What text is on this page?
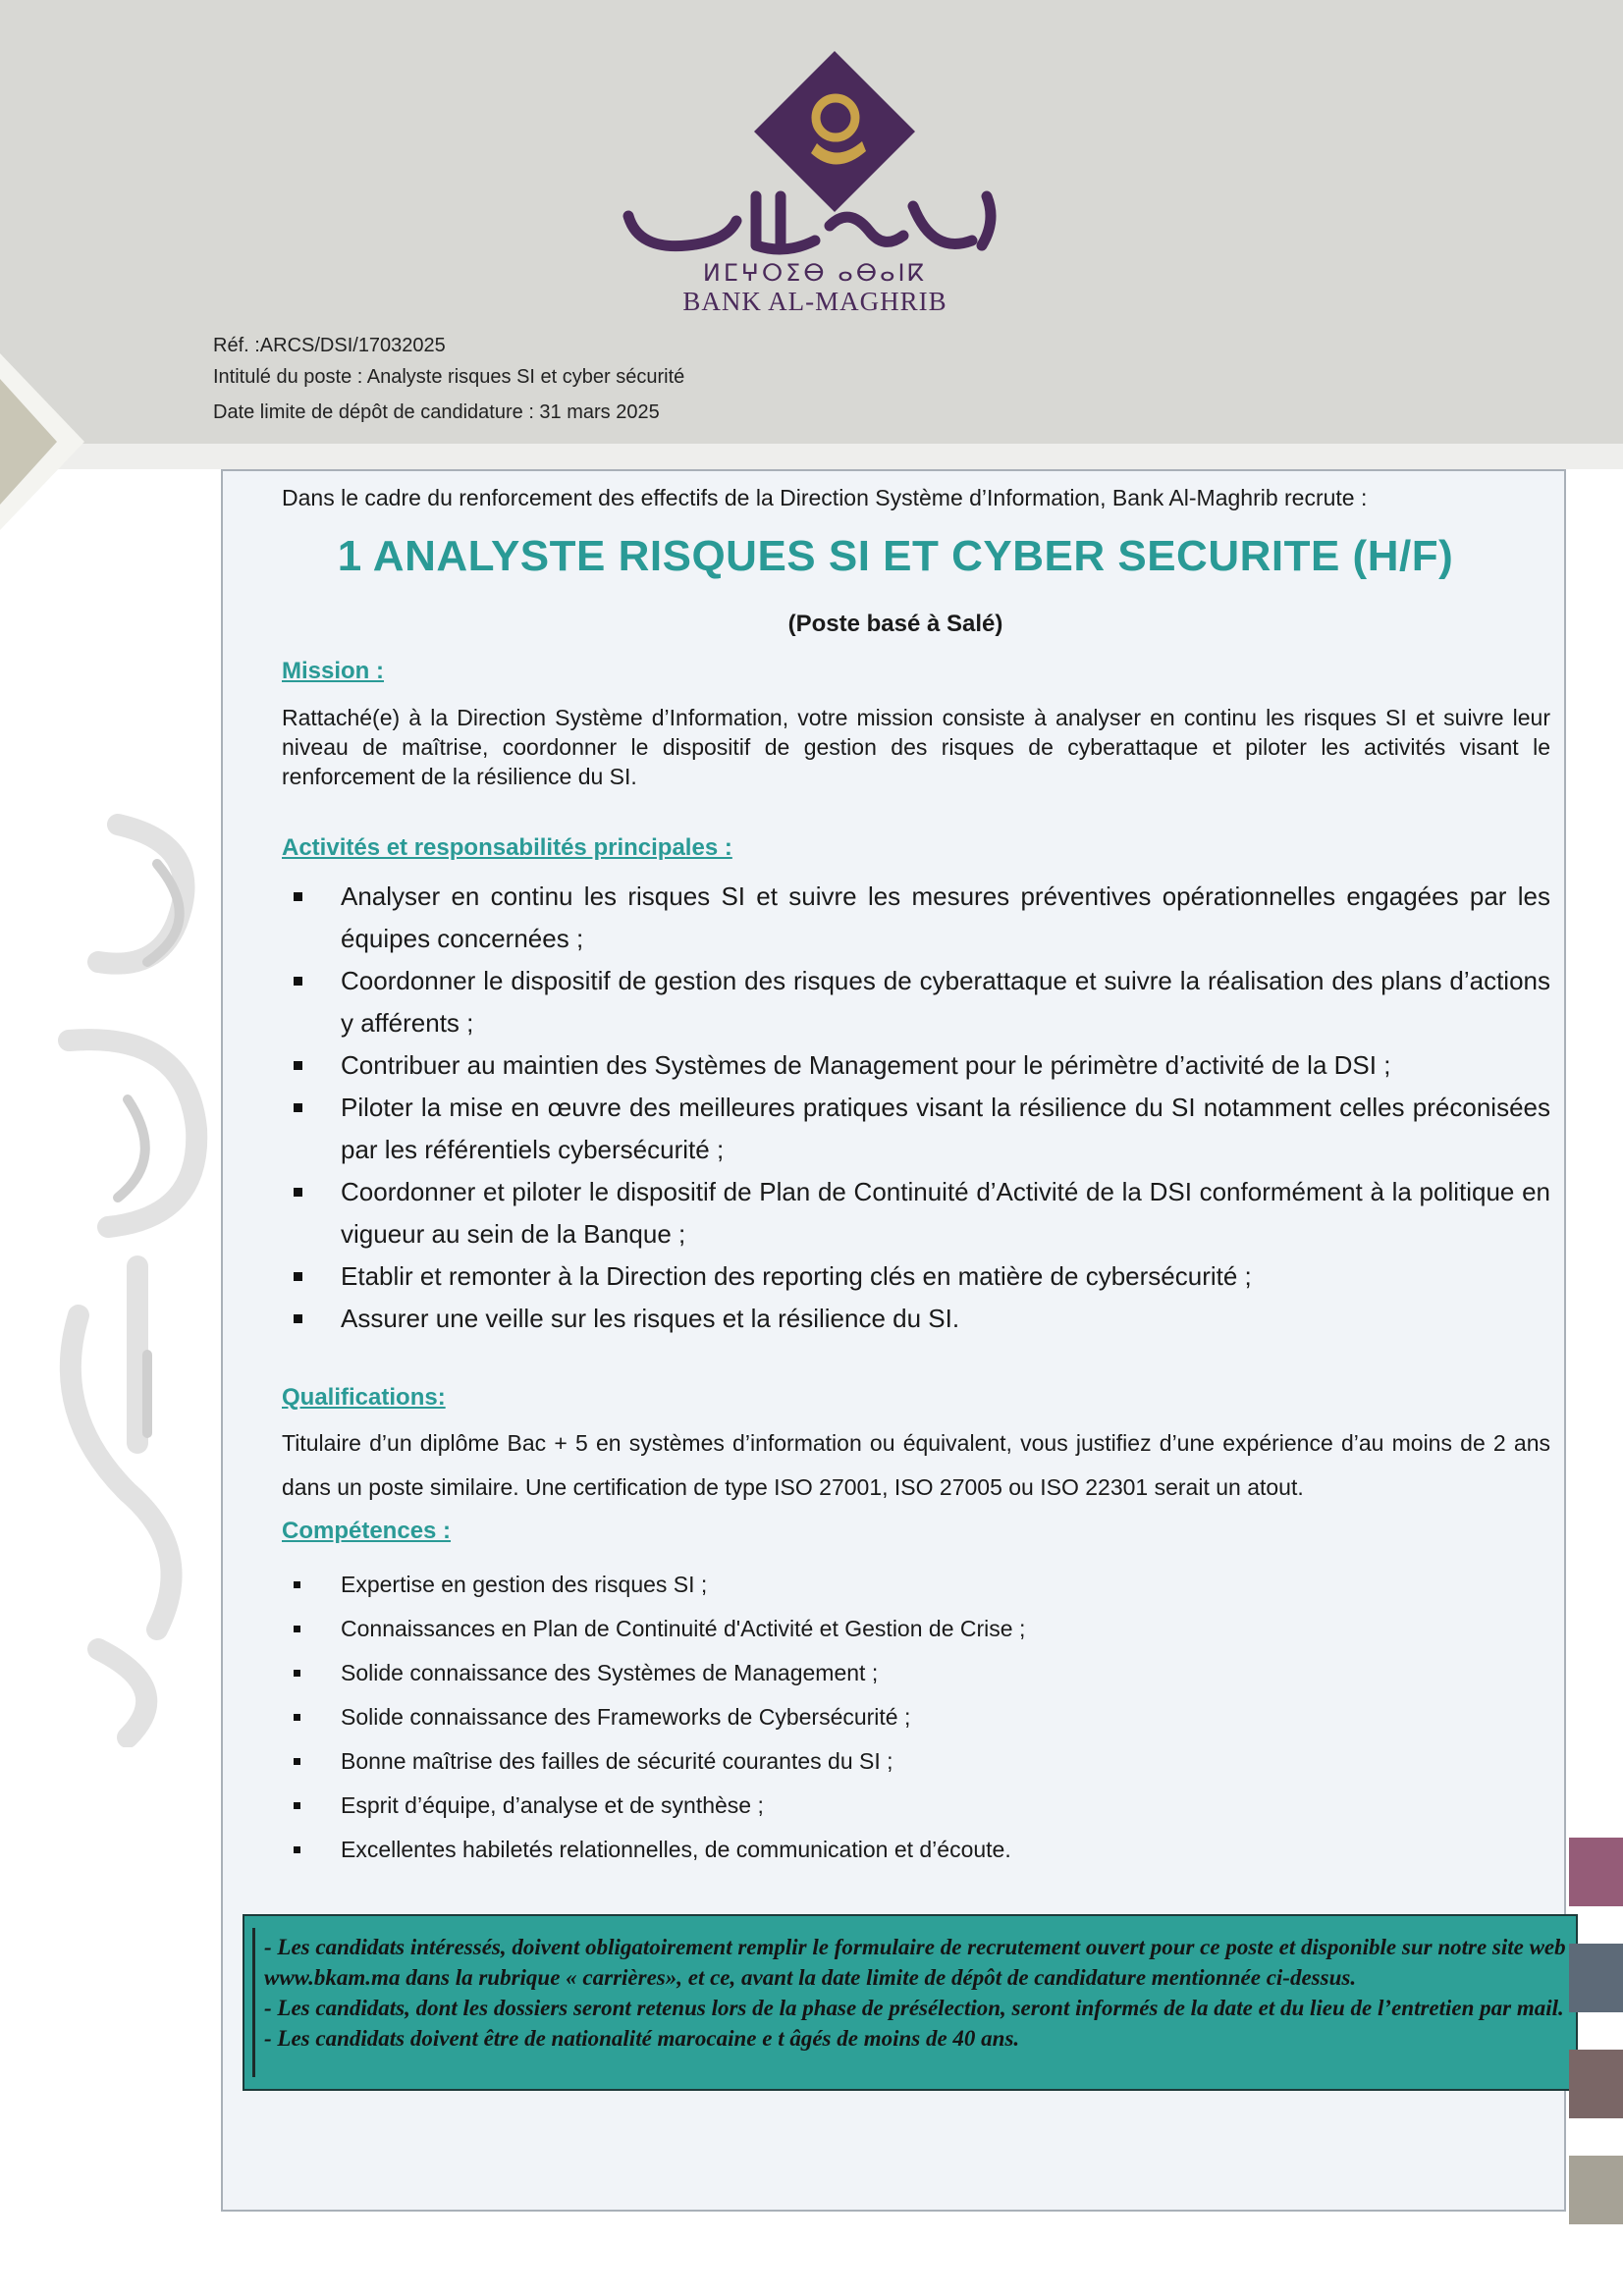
ⵍⵎⵖⵔⵉⴱ ⴰⴱⴰⵏⴽ
BANK AL-MAGHRIB
Réf. :ARCS/DSI/17032025
Intitulé du poste : Analyste risques SI et cyber sécurité
Date limite de dépôt de candidature : 31 mars 2025
Dans le cadre du renforcement des effectifs de la Direction Système d’Information, Bank Al-Maghrib recrute :
1 ANALYSTE RISQUES SI ET CYBER SECURITE (H/F)
(Poste basé à Salé)
Mission :
Rattaché(e) à la Direction Système d’Information, votre mission consiste à analyser en continu les risques SI et suivre leur niveau de maîtrise, coordonner le dispositif de gestion des risques de cyberattaque et piloter les activités visant le renforcement de la résilience du SI.
Activités et responsabilités principales :
Analyser en continu les risques SI et suivre les mesures préventives opérationnelles engagées par les équipes concernées ;
Coordonner le dispositif de gestion des risques de cyberattaque et suivre la réalisation des plans d’actions y afférents ;
Contribuer au maintien des Systèmes de Management pour le périmètre d’activité de la DSI ;
Piloter la mise en œuvre des meilleures pratiques visant la résilience du SI notamment celles préconisées par les référentiels cybersécurité ;
Coordonner et piloter le dispositif de Plan de Continuité d’Activité de la DSI conformément à la politique en vigueur au sein de la Banque ;
Etablir et remonter à la Direction des reporting clés en matière de cybersécurité ;
Assurer une veille sur les risques et la résilience du SI.
Qualifications:
Titulaire d’un diplôme Bac + 5 en systèmes d’information ou équivalent, vous justifiez d’une expérience d’au moins de 2 ans dans un poste similaire. Une certification de type ISO 27001, ISO 27005 ou ISO 22301 serait un atout.
Compétences :
Expertise en gestion des risques SI ;
Connaissances en Plan de Continuité d'Activité et Gestion de Crise ;
Solide connaissance des Systèmes de Management ;
Solide connaissance des Frameworks de Cybersécurité ;
Bonne maîtrise des failles de sécurité courantes du SI ;
Esprit d’équipe, d’analyse et de synthèse ;
Excellentes habiletés relationnelles, de communication et d’écoute.
- Les candidats intéressés, doivent obligatoirement remplir le formulaire de recrutement ouvert pour ce poste et disponible sur notre site web www.bkam.ma dans la rubrique « carrières», et ce, avant la date limite de dépôt de candidature mentionnée ci-dessus.
- Les candidats, dont les dossiers seront retenus lors de la phase de présélection, seront informés de la date et du lieu de l’entretien par mail. - Les candidats doivent être de nationalité marocaine e t âgés de moins de 40 ans.
